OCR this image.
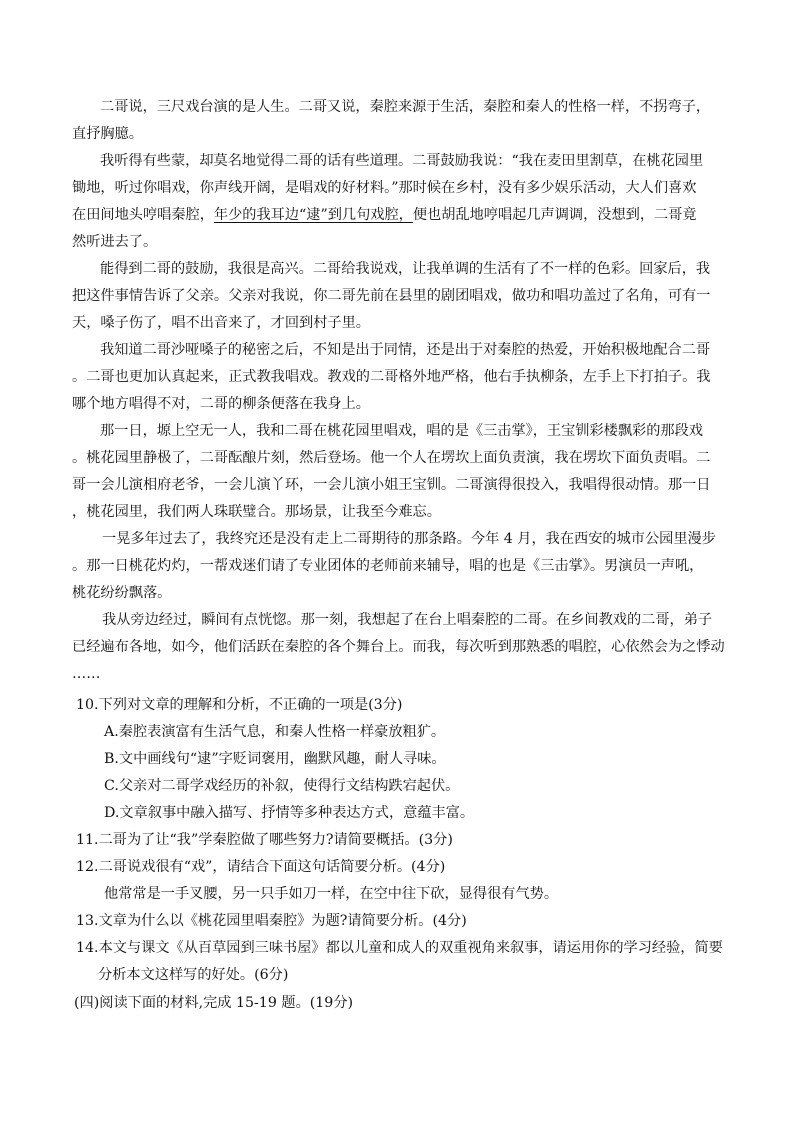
二哥说，三尺戏台演的是人生。二哥又说，秦腔来源于生活，秦腔和秦人的性格一样，不拐弯子，
直抒胸臆。
我听得有些蒙，却莫名地觉得二哥的话有些道理。二哥鼓励我说：“我在麦田里割草，在桃花园里
锄地，听过你唱戏，你声线开阔，是唱戏的好材料。”那时候在乡村，没有多少娱乐活动，大人们喜欢
在田间地头哼唱秦腔，年少的我耳边“逮”到几句戏腔，便也胡乱地哼唱起几声调调，没想到，二哥竟
然听进去了。
能得到二哥的鼓励，我很是高兴。二哥给我说戏，让我单调的生活有了不一样的色彩。回家后，我
把这件事情告诉了父亲。父亲对我说，你二哥先前在县里的剧团唱戏，做功和唱功盖过了名角，可有一
天，嗓子伤了，唱不出音来了，才回到村子里。
我知道二哥沙哑嗓子的秘密之后，不知是出于同情，还是出于对秦腔的热爱，开始积极地配合二哥
。二哥也更加认真起来，正式教我唱戏。教戏的二哥格外地严格，他右手执柳条，左手上下打拍子。我
哪个地方唱得不对，二哥的柳条便落在我身上。
那一日，塬上空无一人，我和二哥在桃花园里唱戏，唱的是《三击掌》，王宝钏彩楼飘彩的那段戏
。桃花园里静极了，二哥酝酿片刻，然后登场。他一个人在塄坎上面负责演，我在塄坎下面负责唱。二
哥一会儿演相府老爷，一会儿演丫环，一会儿演小姐王宝钏。二哥演得很投入，我唱得很动情。那一日
，桃花园里，我们两人珠联璧合。那场景，让我至今难忘。
一晃多年过去了，我终究还是没有走上二哥期待的那条路。今年 4 月，我在西安的城市公园里漫步
。那一日桃花灼灼，一帮戏迷们请了专业团体的老师前来辅导，唱的也是《三击掌》。男演员一声吼，
桃花纷纷飘落。
我从旁边经过，瞬间有点恍惚。那一刻，我想起了在台上唱秦腔的二哥。在乡间教戏的二哥，弟子
已经遍布各地，如今，他们活跃在秦腔的各个舞台上。而我，每次听到那熟悉的唱腔，心依然会为之悸动
……
10.下列对文章的理解和分析，不正确的一项是(3分)
A.秦腔表演富有生活气息，和秦人性格一样豪放粗犷。
B.文中画线句“逮”字贬词褒用，幽默风趣，耐人寻味。
C.父亲对二哥学戏经历的补叙，使得行文结构跌宕起伏。
D.文章叙事中融入描写、抒情等多种表达方式，意蕴丰富。
11.二哥为了让“我”学秦腔做了哪些努力?请简要概括。(3分)
12.二哥说戏很有“戏”，请结合下面这句话简要分析。(4分)
他常常是一手叉腰，另一只手如刀一样，在空中往下砍，显得很有气势。
13.文章为什么以《桃花园里唱秦腔》为题?请简要分析。(4分)
14.本文与课文《从百草园到三味书屋》都以儿童和成人的双重视角来叙事，请运用你的学习经验，简要
分析本文这样写的好处。(6分)
(四)阅读下面的材料,完成 15-19 题。(19分)
